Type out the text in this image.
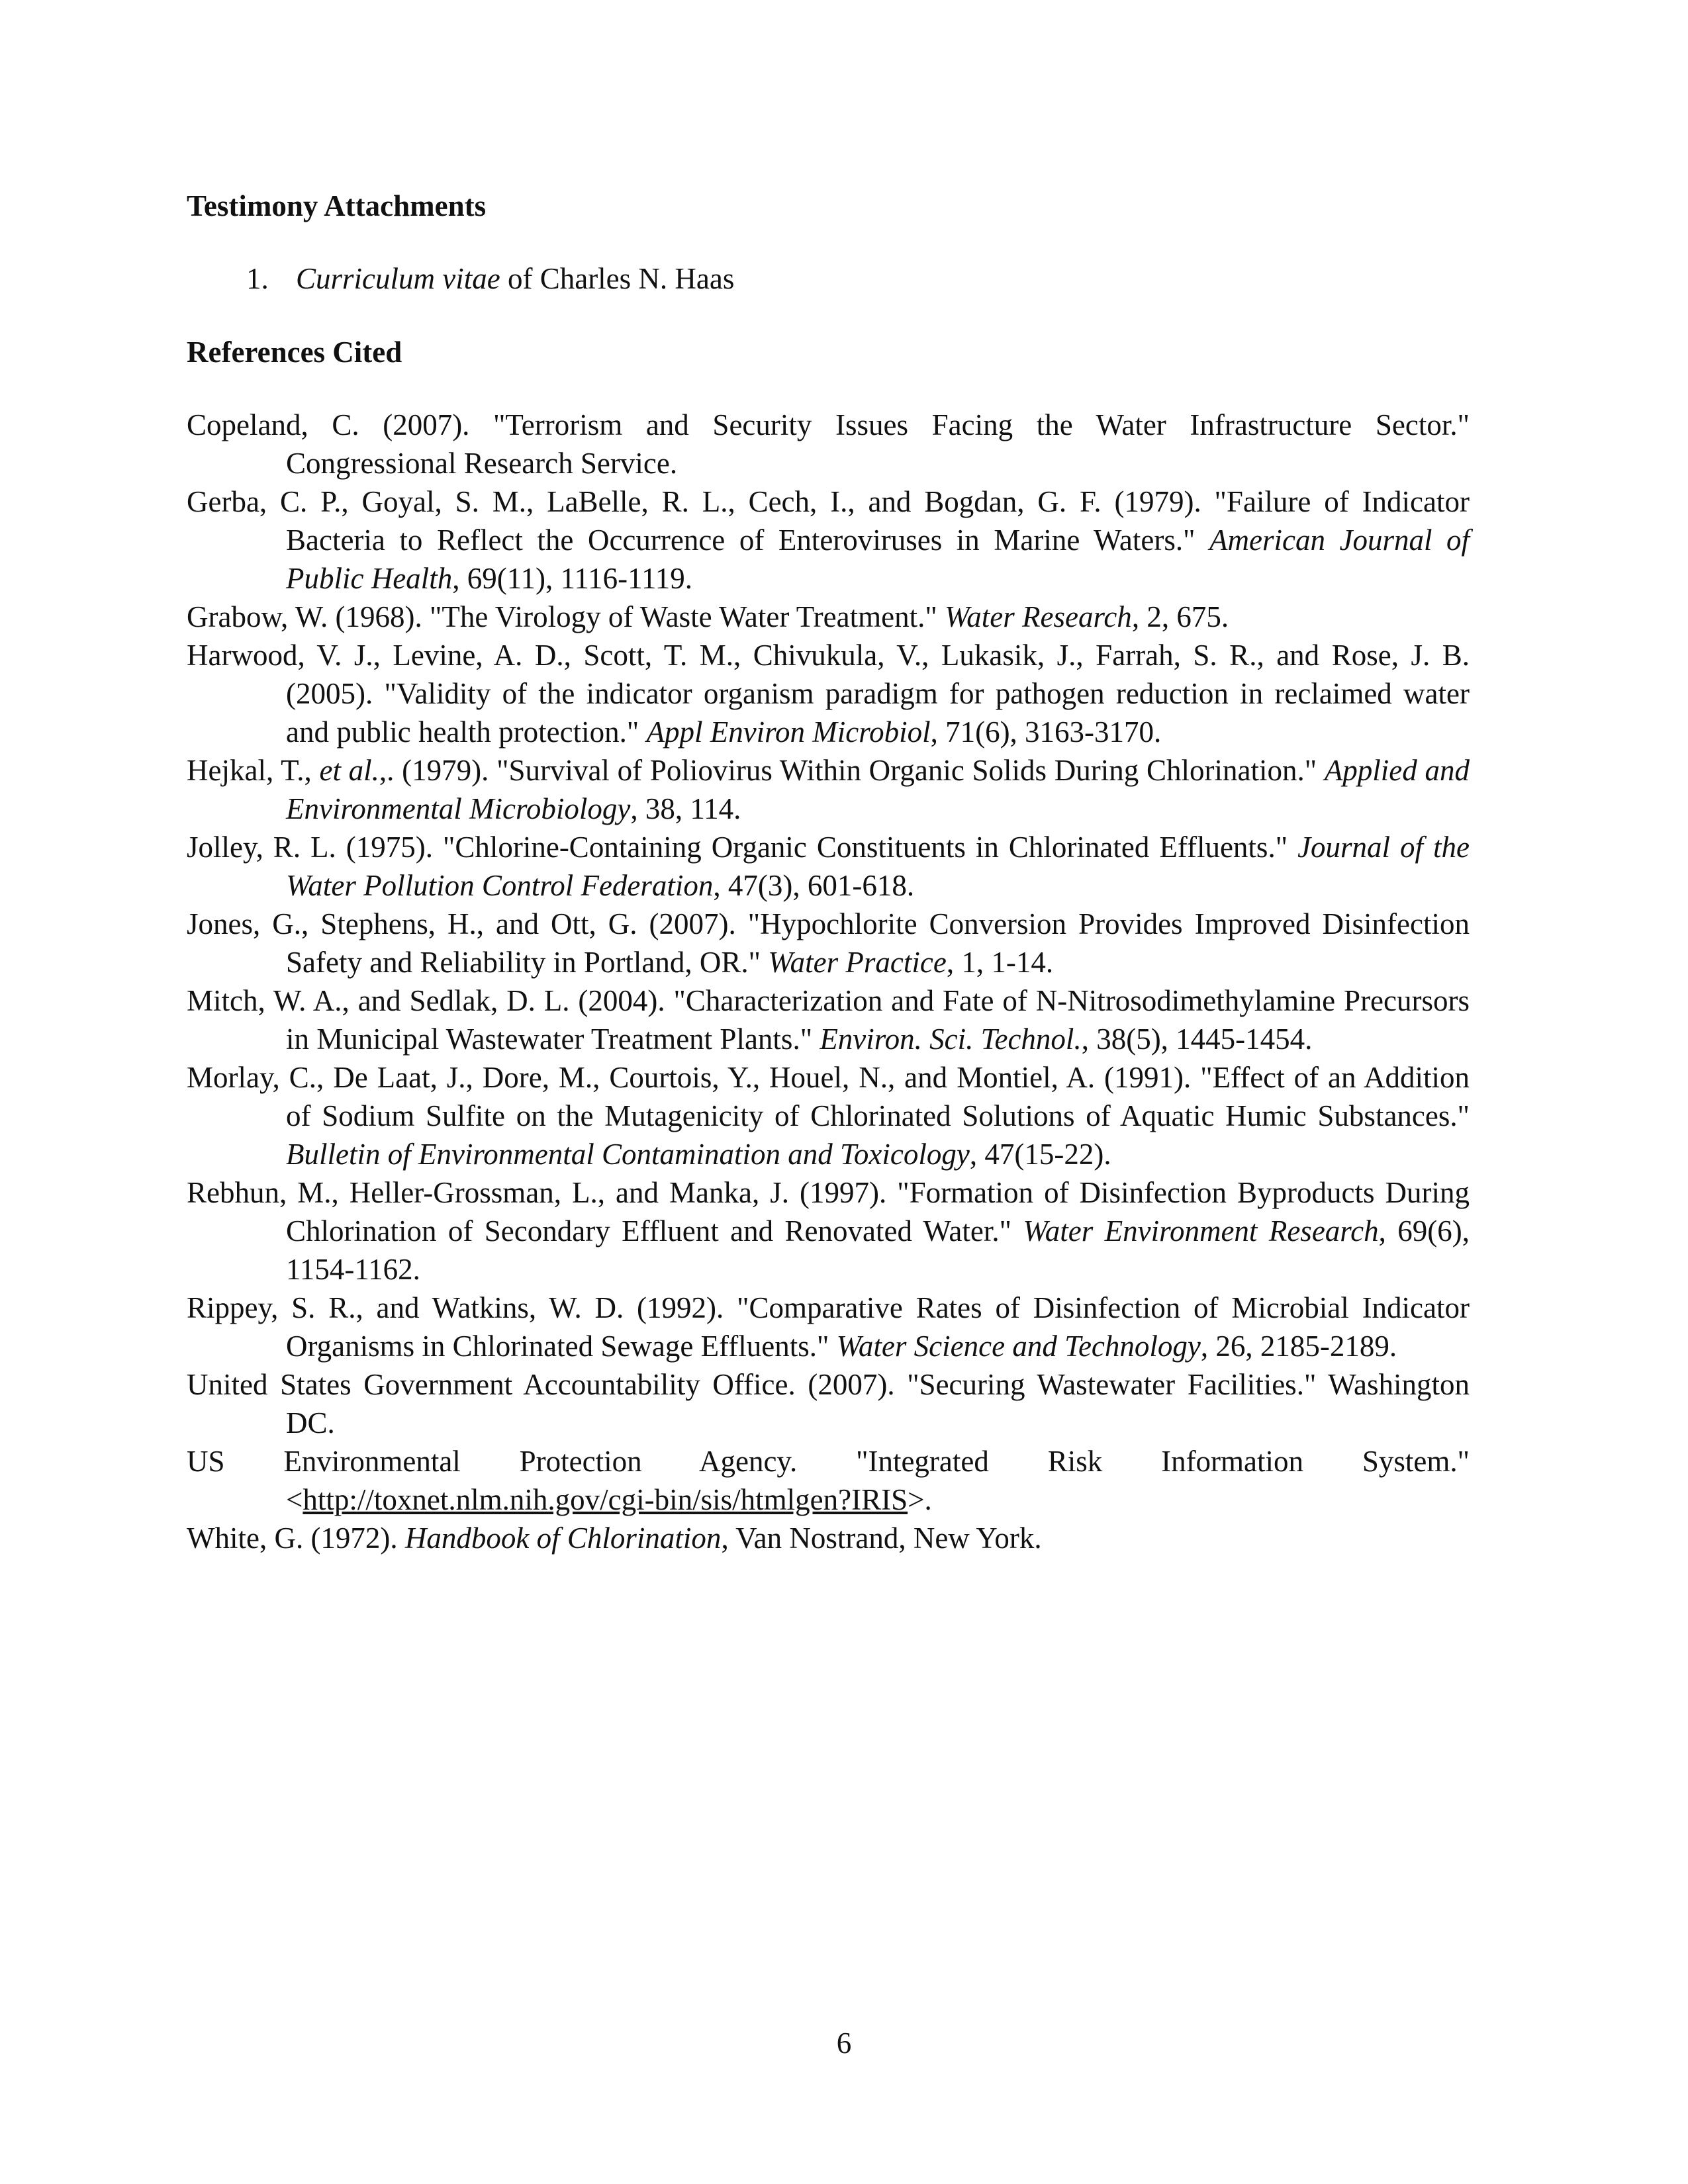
Testimony Attachments
1. Curriculum vitae of Charles N. Haas
References Cited

Copeland, C. (2007). "Terrorism and Security Issues Facing the Water Infrastructure Sector." Congressional Research Service.

Gerba, C. P., Goyal, S. M., LaBelle, R. L., Cech, I., and Bogdan, G. F. (1979). "Failure of Indicator Bacteria to Reflect the Occurrence of Enteroviruses in Marine Waters." American Journal of Public Health, 69(11), 1116-1119.

Grabow, W. (1968). "The Virology of Waste Water Treatment." Water Research, 2, 675.

Harwood, V. J., Levine, A. D., Scott, T. M., Chivukula, V., Lukasik, J., Farrah, S. R., and Rose, J. B. (2005). "Validity of the indicator organism paradigm for pathogen reduction in reclaimed water and public health protection." Appl Environ Microbiol, 71(6), 3163-3170.

Hejkal, T., et al.,. (1979). "Survival of Poliovirus Within Organic Solids During Chlorination." Applied and Environmental Microbiology, 38, 114.

Jolley, R. L. (1975). "Chlorine-Containing Organic Constituents in Chlorinated Effluents." Journal of the Water Pollution Control Federation, 47(3), 601-618.

Jones, G., Stephens, H., and Ott, G. (2007). "Hypochlorite Conversion Provides Improved Disinfection Safety and Reliability in Portland, OR." Water Practice, 1, 1-14.

Mitch, W. A., and Sedlak, D. L. (2004). "Characterization and Fate of N-Nitrosodimethylamine Precursors in Municipal Wastewater Treatment Plants." Environ. Sci. Technol., 38(5), 1445-1454.

Morlay, C., De Laat, J., Dore, M., Courtois, Y., Houel, N., and Montiel, A. (1991). "Effect of an Addition of Sodium Sulfite on the Mutagenicity of Chlorinated Solutions of Aquatic Humic Substances." Bulletin of Environmental Contamination and Toxicology, 47(15-22).

Rebhun, M., Heller-Grossman, L., and Manka, J. (1997). "Formation of Disinfection Byproducts During Chlorination of Secondary Effluent and Renovated Water." Water Environment Research, 69(6), 1154-1162.

Rippey, S. R., and Watkins, W. D. (1992). "Comparative Rates of Disinfection of Microbial Indicator Organisms in Chlorinated Sewage Effluents." Water Science and Technology, 26, 2185-2189.

United States Government Accountability Office. (2007). "Securing Wastewater Facilities." Washington DC.

US Environmental Protection Agency. "Integrated Risk Information System." <http://toxnet.nlm.nih.gov/cgi-bin/sis/htmlgen?IRIS>.

White, G. (1972). Handbook of Chlorination, Van Nostrand, New York.

6
